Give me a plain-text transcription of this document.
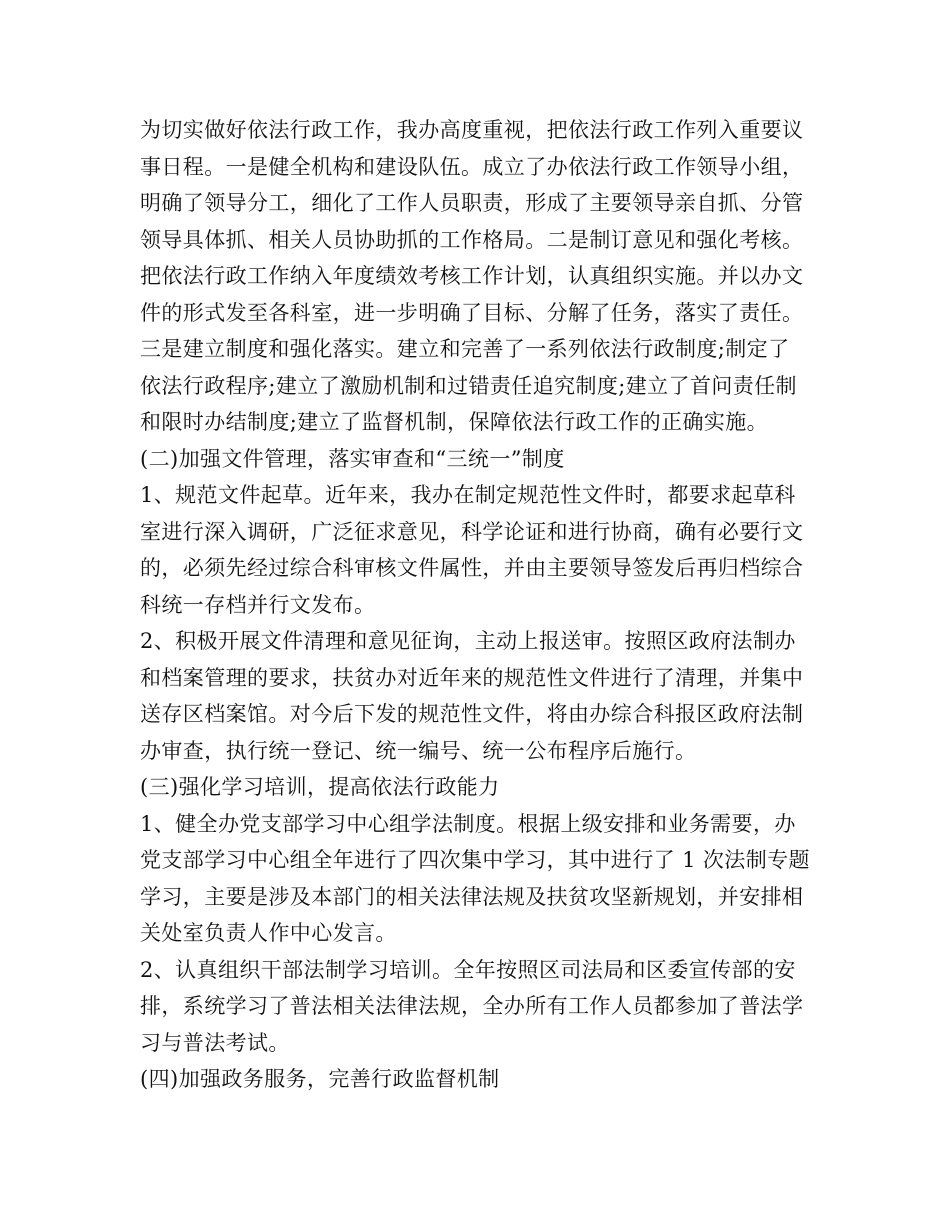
为切实做好依法行政工作，我办高度重视，把依法行政工作列入重要议
事日程。一是健全机构和建设队伍。成立了办依法行政工作领导小组，
明确了领导分工，细化了工作人员职责，形成了主要领导亲自抓、分管
领导具体抓、相关人员协助抓的工作格局。二是制订意见和强化考核。
把依法行政工作纳入年度绩效考核工作计划，认真组织实施。并以办文
件的形式发至各科室，进一步明确了目标、分解了任务，落实了责任。
三是建立制度和强化落实。建立和完善了一系列依法行政制度;制定了
依法行政程序;建立了激励机制和过错责任追究制度;建立了首问责任制
和限时办结制度;建立了监督机制，保障依法行政工作的正确实施。
(二)加强文件管理，落实审查和“三统一”制度
1、规范文件起草。近年来，我办在制定规范性文件时，都要求起草科
室进行深入调研，广泛征求意见，科学论证和进行协商，确有必要行文
的，必须先经过综合科审核文件属性，并由主要领导签发后再归档综合
科统一存档并行文发布。
2、积极开展文件清理和意见征询，主动上报送审。按照区政府法制办
和档案管理的要求，扶贫办对近年来的规范性文件进行了清理，并集中
送存区档案馆。对今后下发的规范性文件，将由办综合科报区政府法制
办审查，执行统一登记、统一编号、统一公布程序后施行。
(三)强化学习培训，提高依法行政能力
1、健全办党支部学习中心组学法制度。根据上级安排和业务需要，办
党支部学习中心组全年进行了四次集中学习，其中进行了 1 次法制专题
学习，主要是涉及本部门的相关法律法规及扶贫攻坚新规划，并安排相
关处室负责人作中心发言。
2、认真组织干部法制学习培训。全年按照区司法局和区委宣传部的安
排，系统学习了普法相关法律法规，全办所有工作人员都参加了普法学
习与普法考试。
(四)加强政务服务，完善行政监督机制
